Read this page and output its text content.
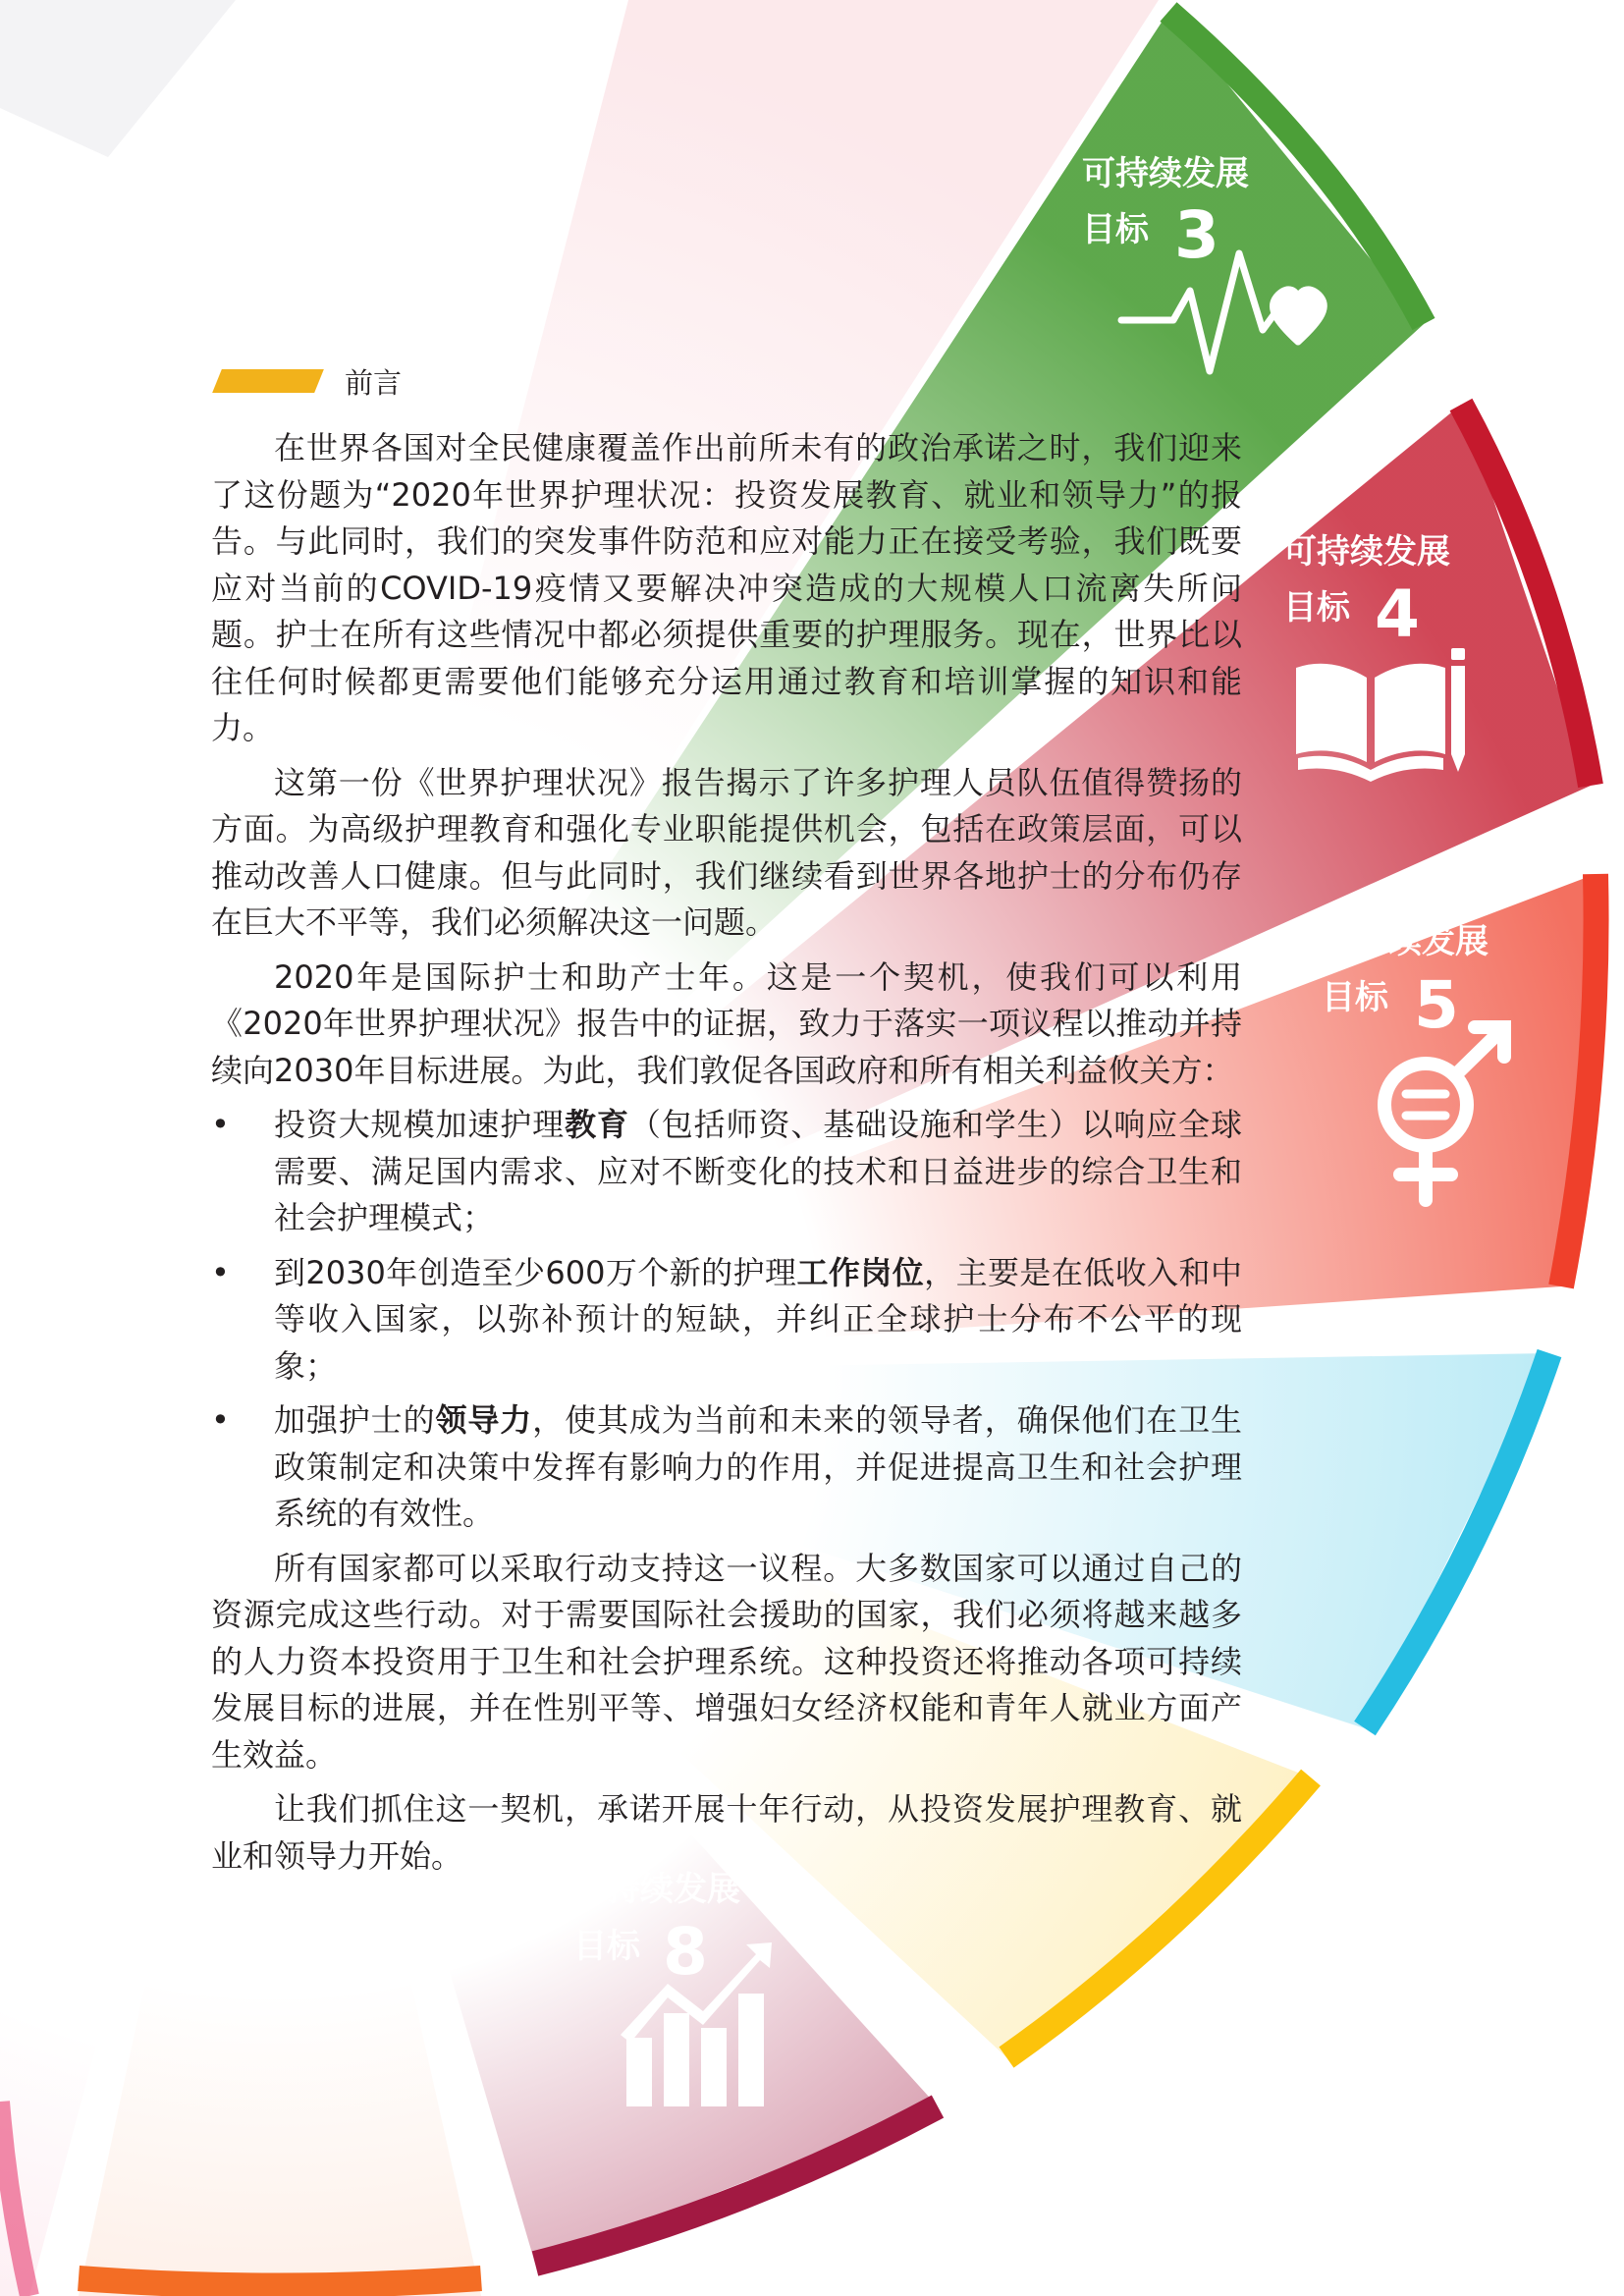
可持续发展
目标 3
可持续发展
目标 4
可持续发展
目标 5
可持续发展
目标 8
前言

在世界各国对全民健康覆盖作出前所未有的政治承诺之时，我们迎来了这份题为“2020年世界护理状况：投资发展教育、就业和领导力”的报告。与此同时，我们的突发事件防范和应对能力正在接受考验，我们既要应对当前的COVID-19疫情又要解决冲突造成的大规模人口流离失所问题。护士在所有这些情况中都必须提供重要的护理服务。现在，世界比以往任何时候都更需要他们能够充分运用通过教育和培训掌握的知识和能力。

这第一份《世界护理状况》报告揭示了许多护理人员队伍值得赞扬的方面。为高级护理教育和强化专业职能提供机会，包括在政策层面，可以推动改善人口健康。但与此同时，我们继续看到世界各地护士的分布仍存在巨大不平等，我们必须解决这一问题。

2020年是国际护士和助产士年。这是一个契机，使我们可以利用《2020年世界护理状况》报告中的证据，致力于落实一项议程以推动并持续向2030年目标进展。为此，我们敦促各国政府和所有相关利益攸关方：

• 投资大规模加速护理教育（包括师资、基础设施和学生）以响应全球需要、满足国内需求、应对不断变化的技术和日益进步的综合卫生和社会护理模式；
• 到2030年创造至少600万个新的护理工作岗位，主要是在低收入和中等收入国家，以弥补预计的短缺，并纠正全球护士分布不公平的现象；
• 加强护士的领导力，使其成为当前和未来的领导者，确保他们在卫生政策制定和决策中发挥有影响力的作用，并促进提高卫生和社会护理系统的有效性。

所有国家都可以采取行动支持这一议程。大多数国家可以通过自己的资源完成这些行动。对于需要国际社会援助的国家，我们必须将越来越多的人力资本投资用于卫生和社会护理系统。这种投资还将推动各项可持续发展目标的进展，并在性别平等、增强妇女经济权能和青年人就业方面产生效益。

让我们抓住这一契机，承诺开展十年行动，从投资发展护理教育、就业和领导力开始。
